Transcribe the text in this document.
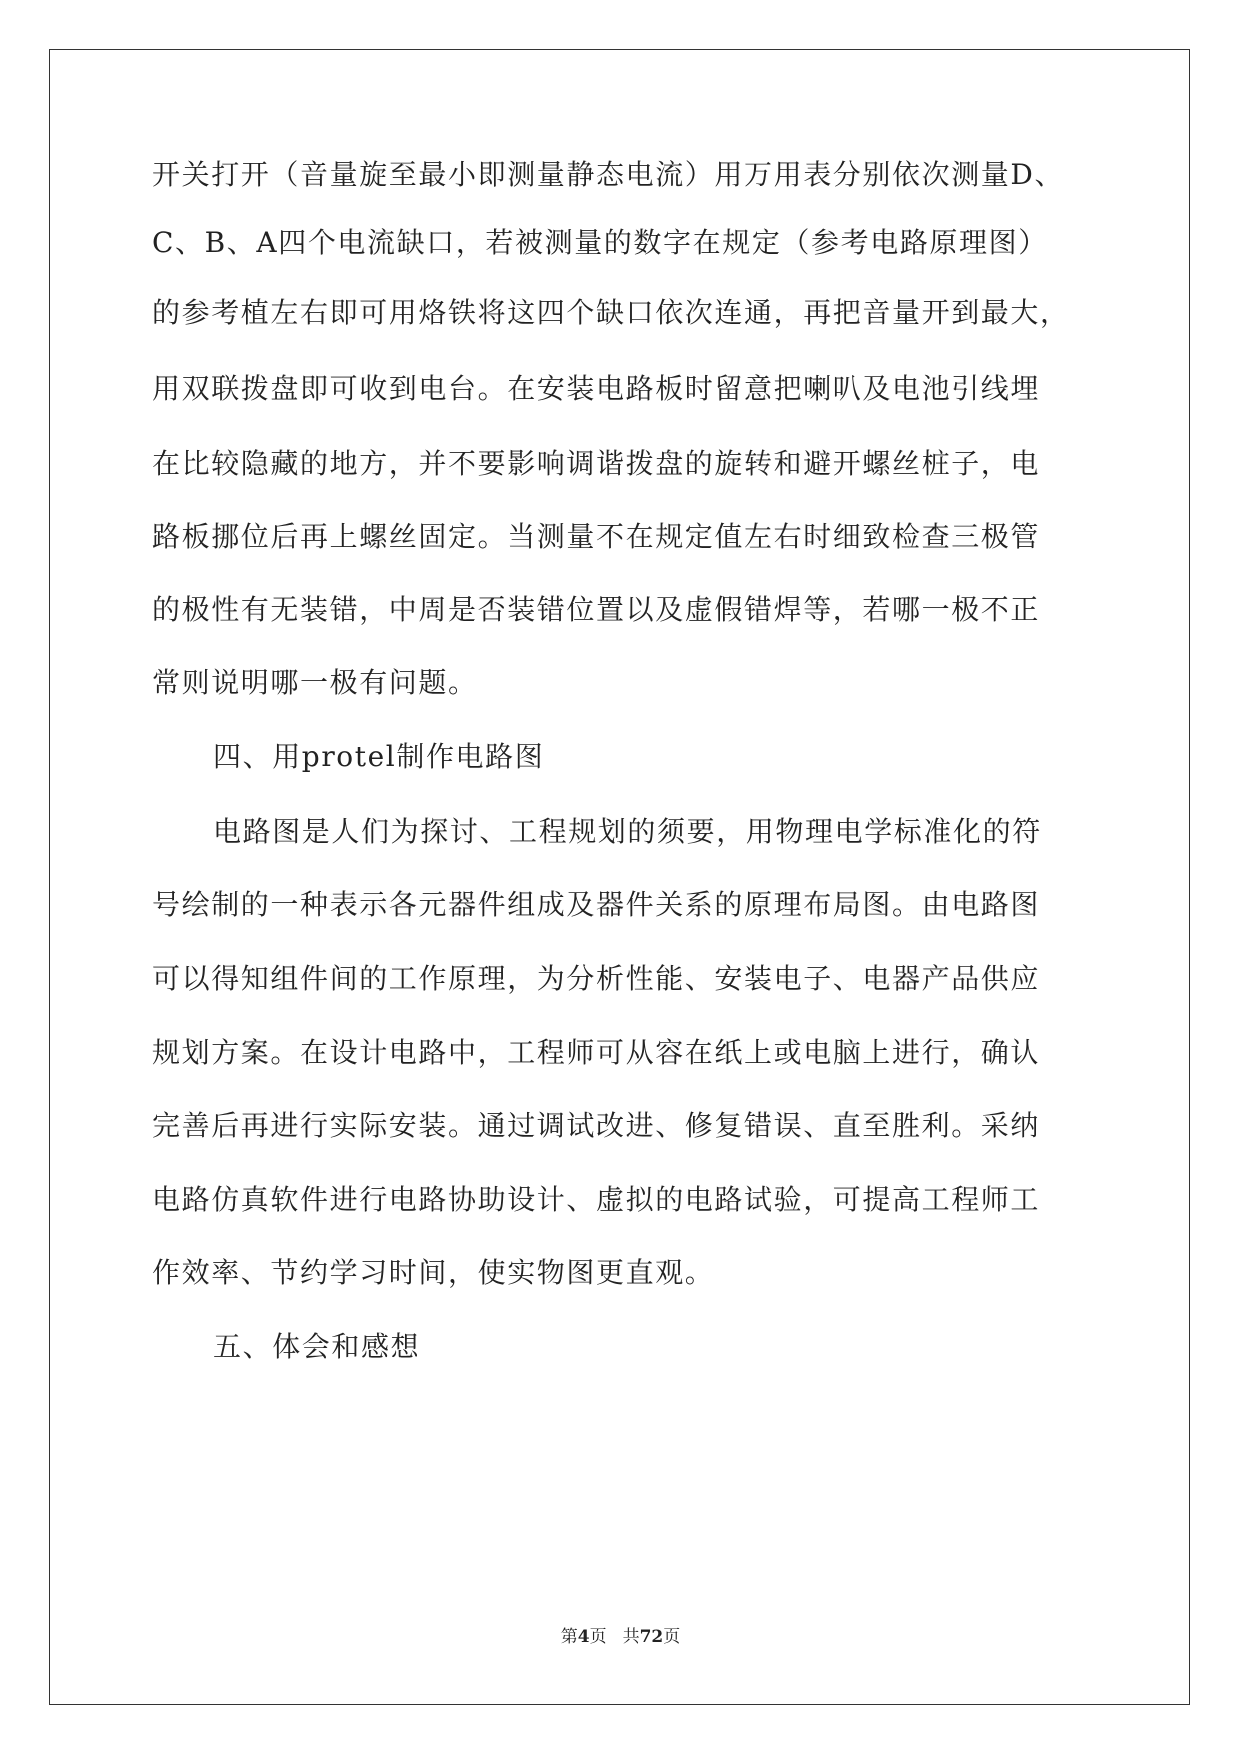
开关打开（音量旋至最小即测量静态电流）用万用表分别依次测量D、
C、B、A四个电流缺口，若被测量的数字在规定（参考电路原理图）
的参考植左右即可用烙铁将这四个缺口依次连通，再把音量开到最大，
用双联拨盘即可收到电台。在安装电路板时留意把喇叭及电池引线埋
在比较隐藏的地方，并不要影响调谐拨盘的旋转和避开螺丝桩子，电
路板挪位后再上螺丝固定。当测量不在规定值左右时细致检查三极管
的极性有无装错，中周是否装错位置以及虚假错焊等，若哪一极不正
常则说明哪一极有问题。
四、用protel制作电路图
电路图是人们为探讨、工程规划的须要，用物理电学标准化的符
号绘制的一种表示各元器件组成及器件关系的原理布局图。由电路图
可以得知组件间的工作原理，为分析性能、安装电子、电器产品供应
规划方案。在设计电路中，工程师可从容在纸上或电脑上进行，确认
完善后再进行实际安装。通过调试改进、修复错误、直至胜利。采纳
电路仿真软件进行电路协助设计、虚拟的电路试验，可提高工程师工
作效率、节约学习时间，使实物图更直观。
五、体会和感想
第4页 共72页
